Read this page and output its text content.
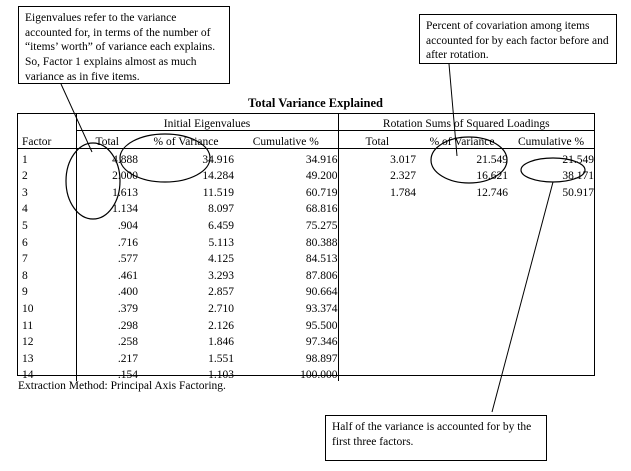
Eigenvalues refer to the variance accounted for, in terms of the number of “items’ worth” of variance each explains. So, Factor 1 explains almost as much variance as in five items.
Percent of covariation among items accounted for by each factor before and after rotation.
Half of the variance is accounted for by the first three factors.
Total Variance Explained
	Initial Eigenvalues			Rotation Sums of Squared Loadings		
Factor	Total	% of Variance	Cumulative %	Total	% of Variance	Cumulative %
1	4.888	34.916	34.916	3.017	21.549	21.549
2	2.000	14.284	49.200	2.327	16.621	38.171
3	1.613	11.519	60.719	1.784	12.746	50.917
4	1.134	8.097	68.816			
5	.904	6.459	75.275			
6	.716	5.113	80.388			
7	.577	4.125	84.513			
8	.461	3.293	87.806			
9	.400	2.857	90.664			
10	.379	2.710	93.374			
11	.298	2.126	95.500			
12	.258	1.846	97.346			
13	.217	1.551	98.897			
14	.154	1.103	100.000			
Extraction Method: Principal Axis Factoring.
